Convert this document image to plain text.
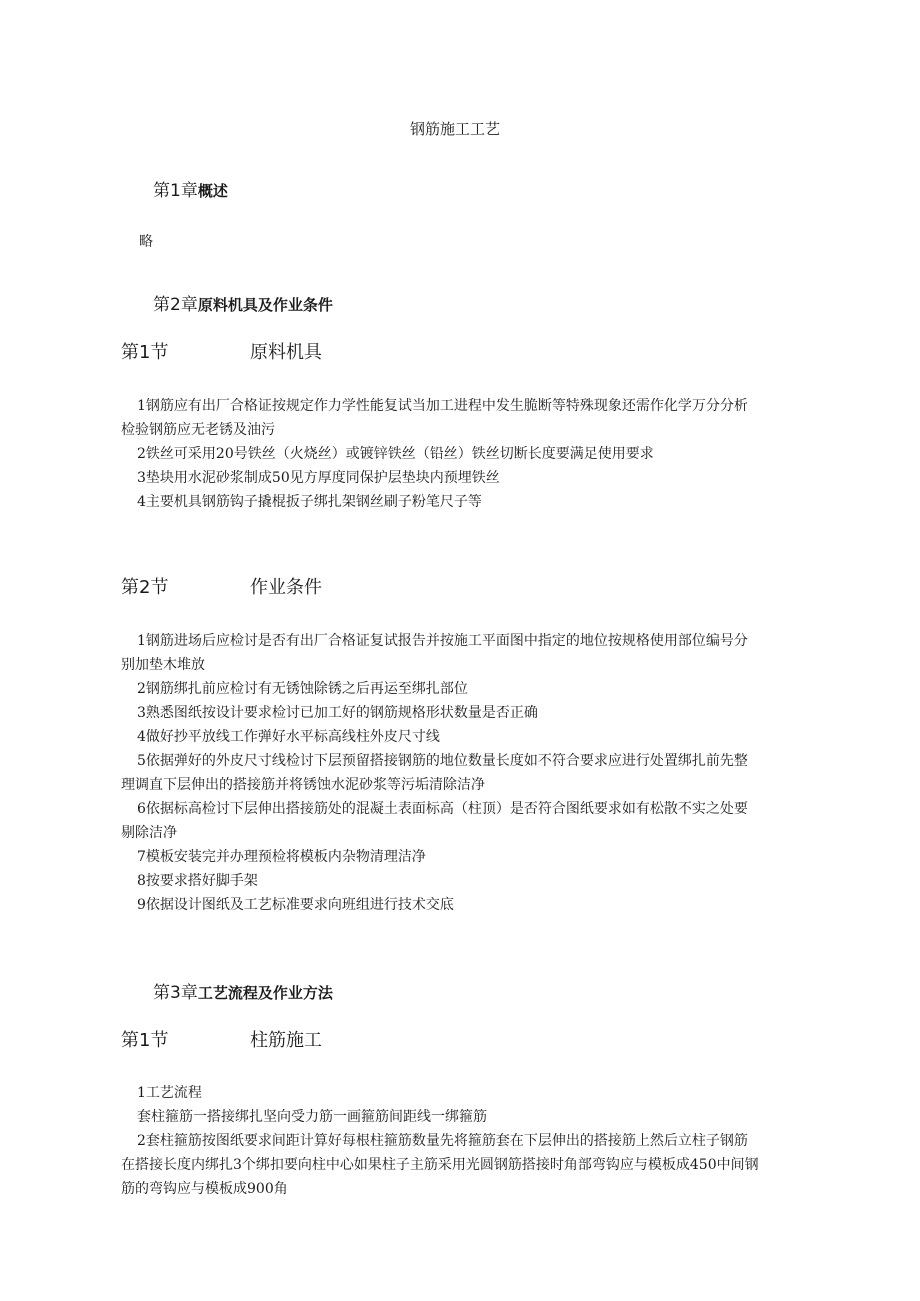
钢筋施工工艺
第1章概述
略
第2章原料机具及作业条件
第1节	原料机具
1钢筋应有出厂合格证按规定作力学性能复试当加工进程中发生脆断等特殊现象还需作化学万分分析
检验钢筋应无老锈及油污
2铁丝可采用20号铁丝（火烧丝）或镀锌铁丝（铅丝）铁丝切断长度要满足使用要求
3垫块用水泥砂浆制成50见方厚度同保护层垫块内预埋铁丝
4主要机具钢筋钩子撬棍扳子绑扎架钢丝刷子粉笔尺子等
第2节	作业条件
1钢筋进场后应检讨是否有出厂合格证复试报告并按施工平面图中指定的地位按规格使用部位编号分
别加垫木堆放
2钢筋绑扎前应检讨有无锈蚀除锈之后再运至绑扎部位
3熟悉图纸按设计要求检讨已加工好的钢筋规格形状数量是否正确
4做好抄平放线工作弹好水平标高线柱外皮尺寸线
5依据弹好的外皮尺寸线检讨下层预留搭接钢筋的地位数量长度如不符合要求应进行处置绑扎前先整
理调直下层伸出的搭接筋并将锈蚀水泥砂浆等污垢清除洁净
6依据标高检讨下层伸出搭接筋处的混凝土表面标高（柱顶）是否符合图纸要求如有松散不实之处要
剔除洁净
7模板安装完并办理预检将模板内杂物清理洁净
8按要求搭好脚手架
9依据设计图纸及工艺标准要求向班组进行技术交底
第3章工艺流程及作业方法
第1节	柱筋施工
1工艺流程
套柱箍筋一搭接绑扎坚向受力筋一画箍筋间距线一绑箍筋
2套柱箍筋按图纸要求间距计算好每根柱箍筋数量先将箍筋套在下层伸出的搭接筋上然后立柱子钢筋
在搭接长度内绑扎3个绑扣要向柱中心如果柱子主筋采用光圆钢筋搭接时角部弯钩应与模板成450中间钢
筋的弯钩应与模板成900角
